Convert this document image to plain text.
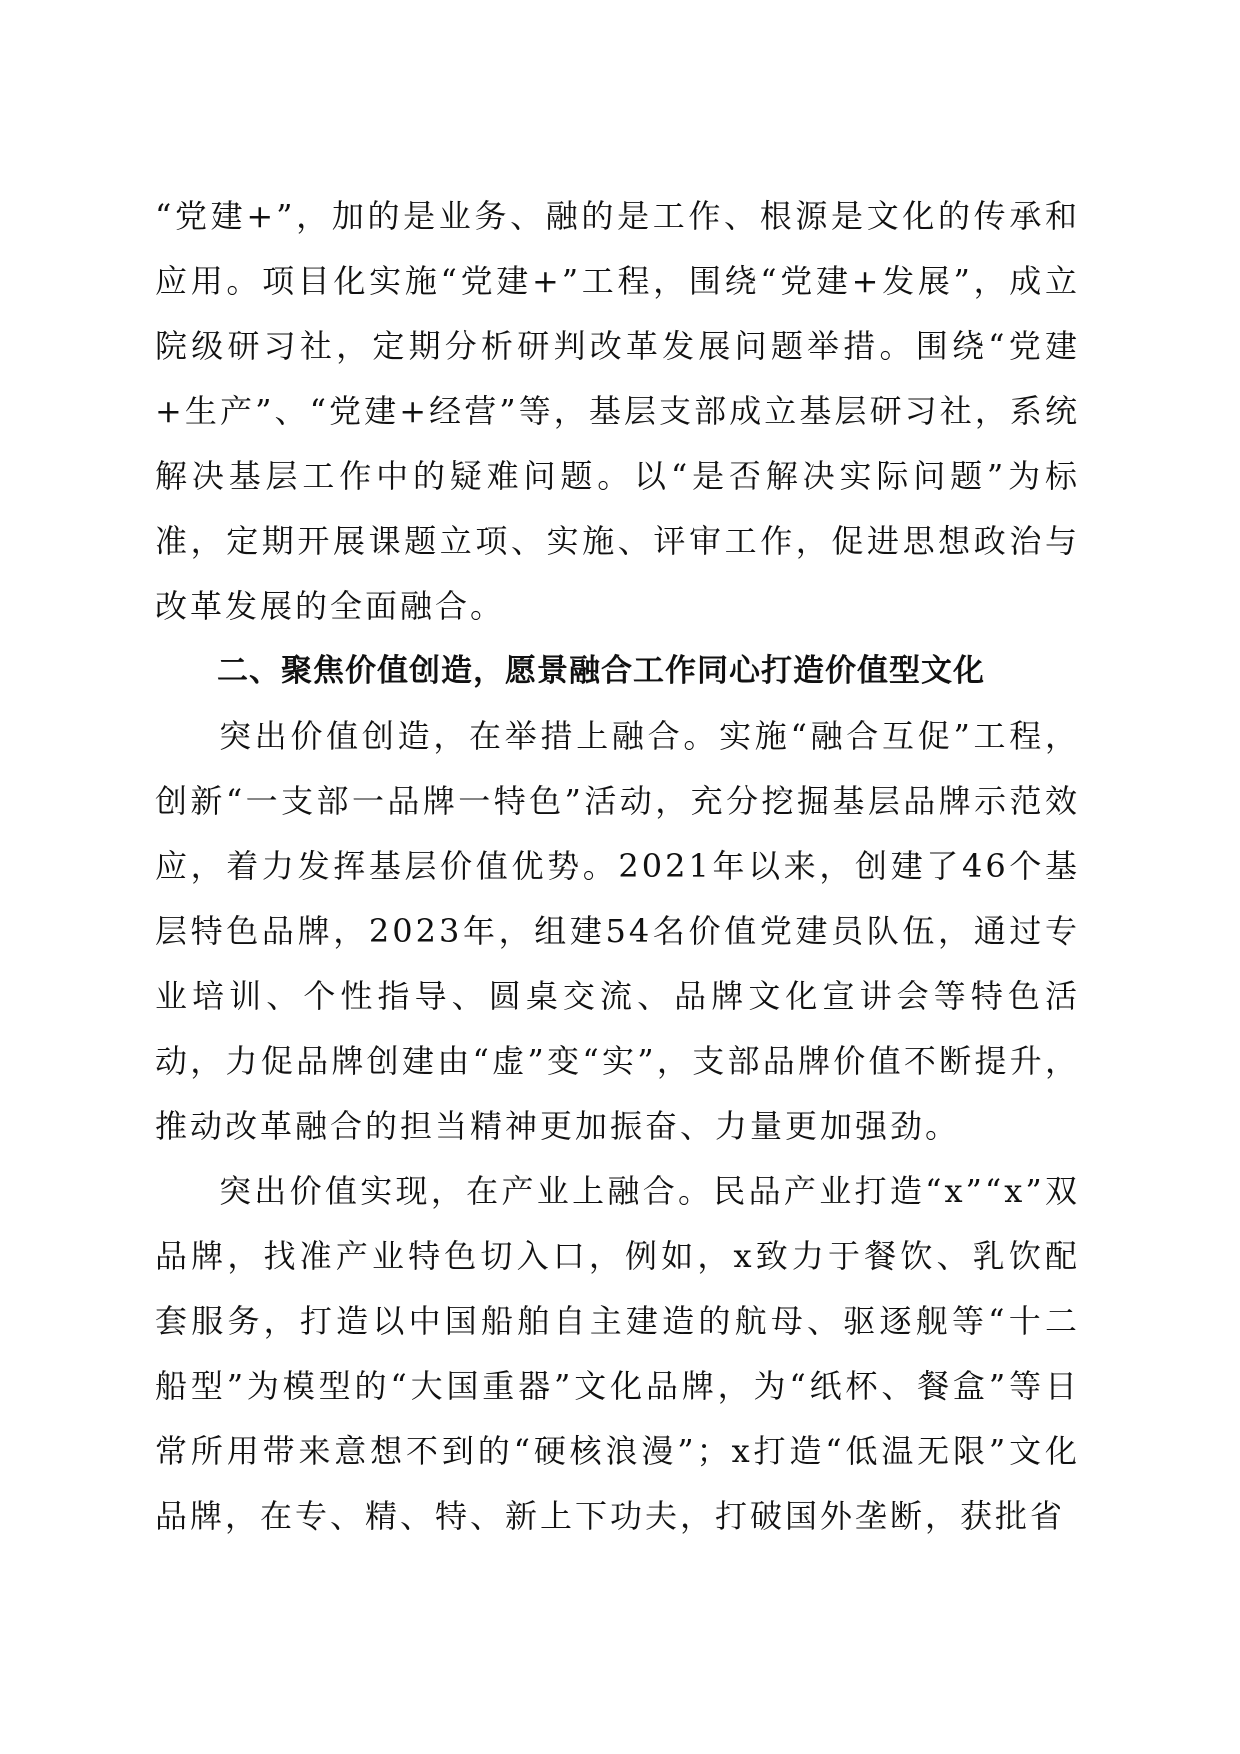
“党建+”，加的是业务、融的是工作、根源是文化的传承和应用。项目化实施“党建+”工程，围绕“党建+发展”，成立院级研习社，定期分析研判改革发展问题举措。围绕“党建+生产”、“党建+经营”等，基层支部成立基层研习社，系统解决基层工作中的疑难问题。以“是否解决实际问题”为标准，定期开展课题立项、实施、评审工作，促进思想政治与改革发展的全面融合。

二、聚焦价值创造，愿景融合工作同心打造价值型文化

突出价值创造，在举措上融合。实施“融合互促”工程，创新“一支部一品牌一特色”活动，充分挖掘基层品牌示范效应，着力发挥基层价值优势。2021年以来，创建了46个基层特色品牌，2023年，组建54名价值党建员队伍，通过专业培训、个性指导、圆桌交流、品牌文化宣讲会等特色活动，力促品牌创建由“虚”变“实”，支部品牌价值不断提升，推动改革融合的担当精神更加振奋、力量更加强劲。

突出价值实现，在产业上融合。民品产业打造“x”“x”双品牌，找准产业特色切入口，例如，x致力于餐饮、乳饮配套服务，打造以中国船舶自主建造的航母、驱逐舰等“十二船型”为模型的“大国重器”文化品牌，为“纸杯、餐盒”等日常所用带来意想不到的“硬核浪漫”；x打造“低温无限”文化品牌，在专、精、特、新上下功夫，打破国外垄断，获批省
